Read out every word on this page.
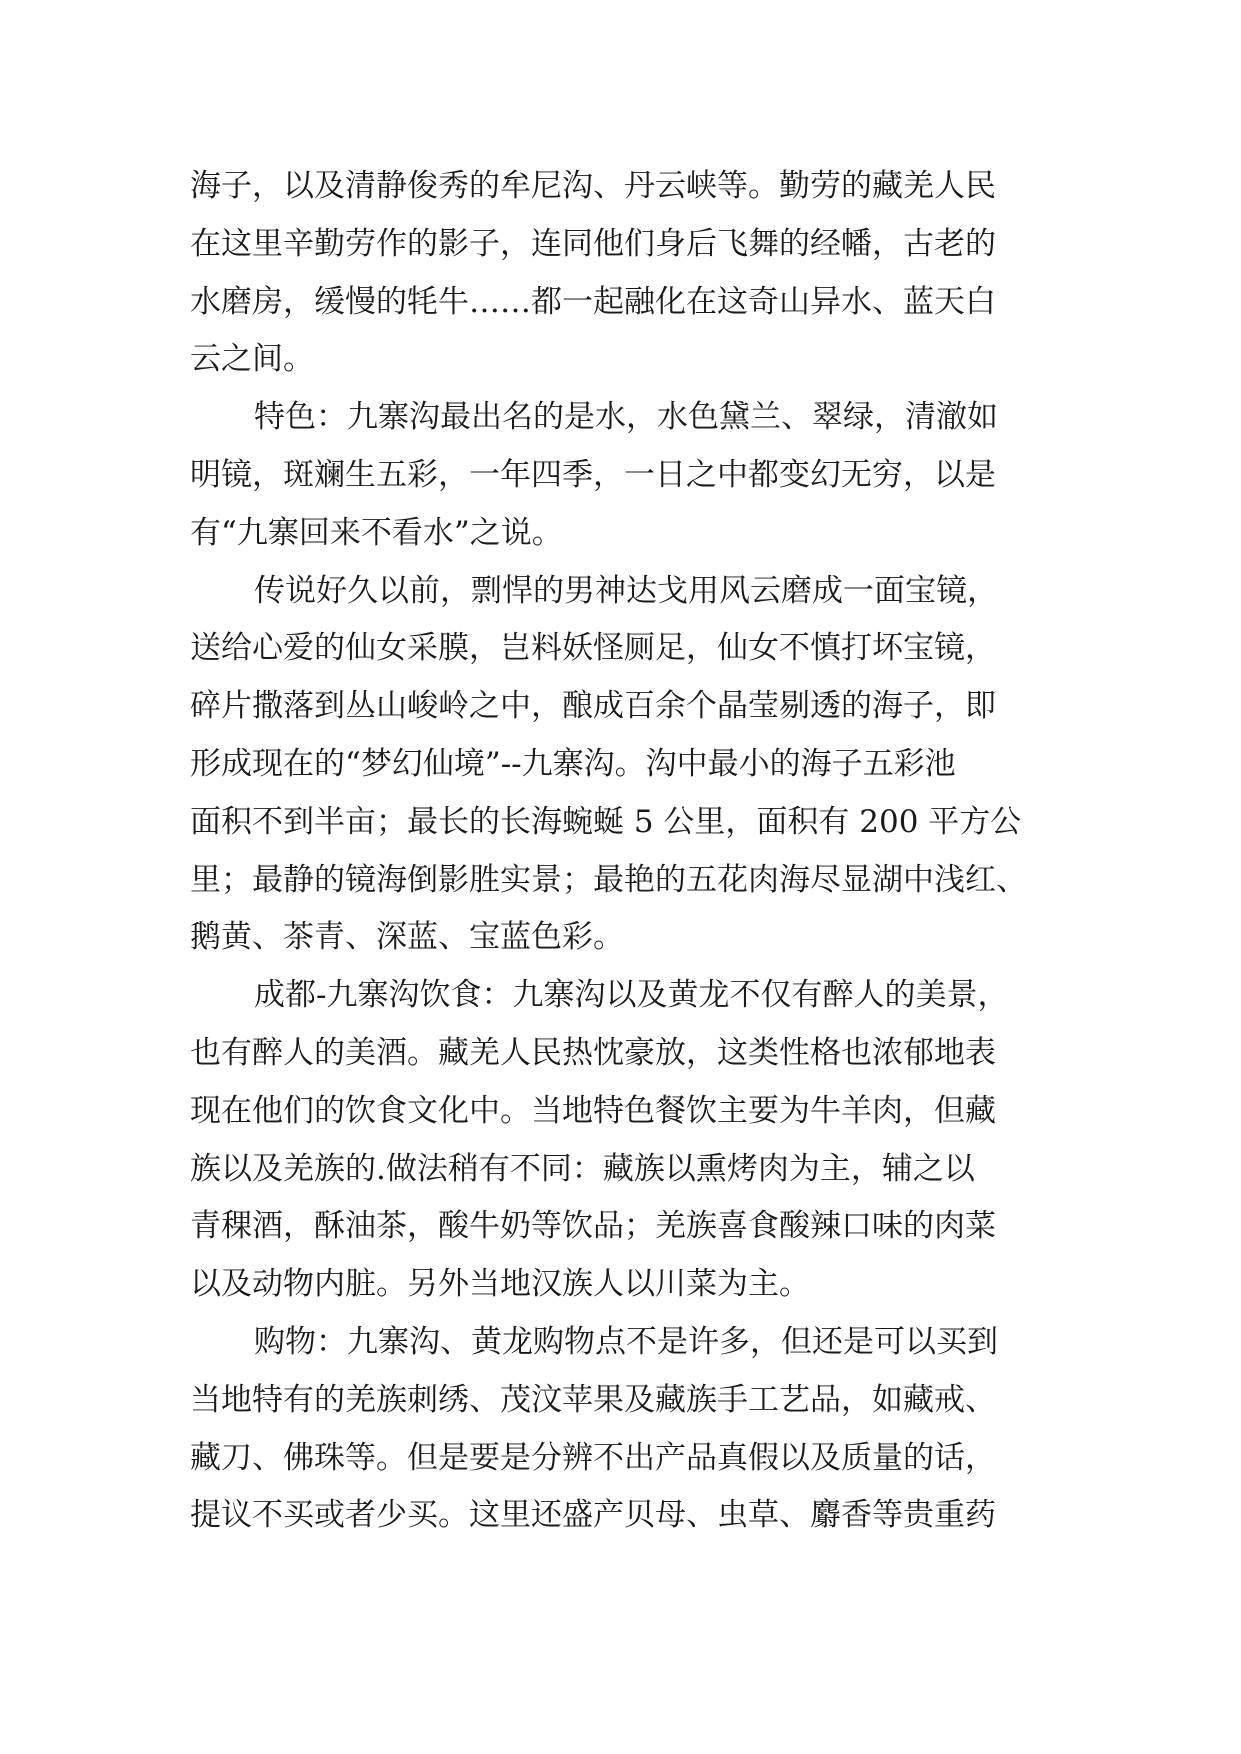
海子，以及清静俊秀的牟尼沟、丹云峡等。勤劳的藏羌人民
在这里辛勤劳作的影子，连同他们身后飞舞的经幡，古老的
水磨房，缓慢的牦牛……都一起融化在这奇山异水、蓝天白
云之间。
特色：九寨沟最出名的是水，水色黛兰、翠绿，清澈如
明镜，斑斓生五彩，一年四季，一日之中都变幻无穷，以是
有“九寨回来不看水”之说。
传说好久以前，剽悍的男神达戈用风云磨成一面宝镜，
送给心爱的仙女采膜，岂料妖怪厕足，仙女不慎打坏宝镜，
碎片撒落到丛山峻岭之中，酿成百余个晶莹剔透的海子，即
形成现在的“梦幻仙境”--九寨沟。沟中最小的海子五彩池
面积不到半亩；最长的长海蜿蜒 5 公里，面积有 200 平方公
里；最静的镜海倒影胜实景；最艳的五花肉海尽显湖中浅红、
鹅黄、茶青、深蓝、宝蓝色彩。
成都-九寨沟饮食：九寨沟以及黄龙不仅有醉人的美景，
也有醉人的美酒。藏羌人民热忱豪放，这类性格也浓郁地表
现在他们的饮食文化中。当地特色餐饮主要为牛羊肉，但藏
族以及羌族的.做法稍有不同：藏族以熏烤肉为主，辅之以
青稞酒，酥油茶，酸牛奶等饮品；羌族喜食酸辣口味的肉菜
以及动物内脏。另外当地汉族人以川菜为主。
购物：九寨沟、黄龙购物点不是许多，但还是可以买到
当地特有的羌族刺绣、茂汶苹果及藏族手工艺品，如藏戒、
藏刀、佛珠等。但是要是分辨不出产品真假以及质量的话，
提议不买或者少买。这里还盛产贝母、虫草、麝香等贵重药
